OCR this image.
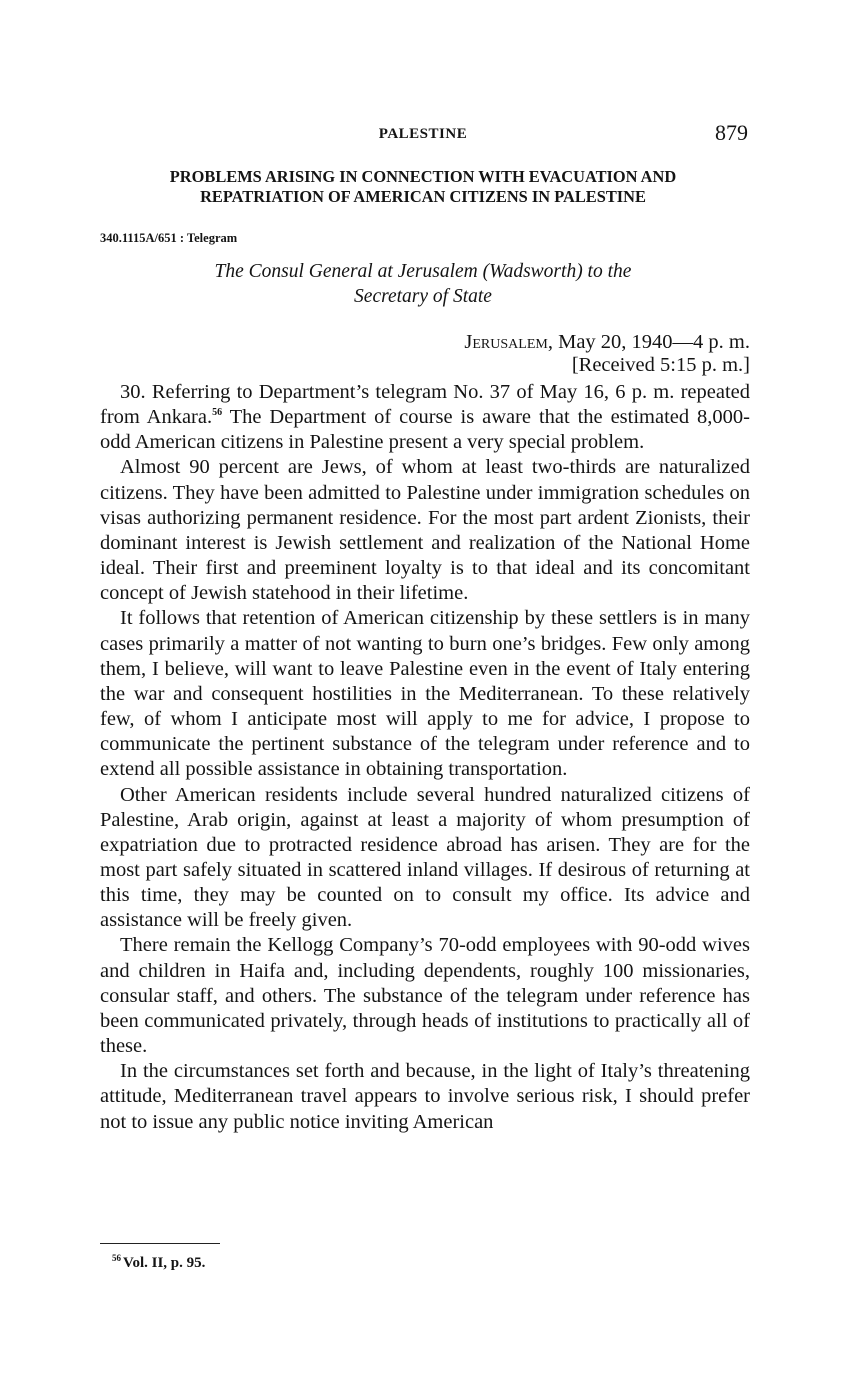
PALESTINE	879
PROBLEMS ARISING IN CONNECTION WITH EVACUATION AND
REPATRIATION OF AMERICAN CITIZENS IN PALESTINE
340.1115A/651 : Telegram
The Consul General at Jerusalem (Wadsworth) to the
Secretary of State
Jerusalem, May 20, 1940—4 p. m.
[Received 5:15 p. m.]

30. Referring to Department’s telegram No. 37 of May 16, 6 p. m. repeated from Ankara.$^{56}$ The Department of course is aware that the estimated 8,000-odd American citizens in Palestine present a very special problem.

Almost 90 percent are Jews, of whom at least two-thirds are naturalized citizens. They have been admitted to Palestine under immigration schedules on visas authorizing permanent residence. For the most part ardent Zionists, their dominant interest is Jewish settlement and realization of the National Home ideal. Their first and preeminent loyalty is to that ideal and its concomitant concept of Jewish statehood in their lifetime.

It follows that retention of American citizenship by these settlers is in many cases primarily a matter of not wanting to burn one’s bridges. Few only among them, I believe, will want to leave Palestine even in the event of Italy entering the war and consequent hostilities in the Mediterranean. To these relatively few, of whom I anticipate most will apply to me for advice, I propose to communicate the pertinent substance of the telegram under reference and to extend all possible assistance in obtaining transportation.

Other American residents include several hundred naturalized citizens of Palestine, Arab origin, against at least a majority of whom presumption of expatriation due to protracted residence abroad has arisen. They are for the most part safely situated in scattered inland villages. If desirous of returning at this time, they may be counted on to consult my office. Its advice and assistance will be freely given.

There remain the Kellogg Company’s 70-odd employees with 90-odd wives and children in Haifa and, including dependents, roughly 100 missionaries, consular staff, and others. The substance of the telegram under reference has been communicated privately, through heads of institutions to practically all of these.

In the circumstances set forth and because, in the light of Italy’s threatening attitude, Mediterranean travel appears to involve serious risk, I should prefer not to issue any public notice inviting American

$^{56}$ Vol. II, p. 95.
